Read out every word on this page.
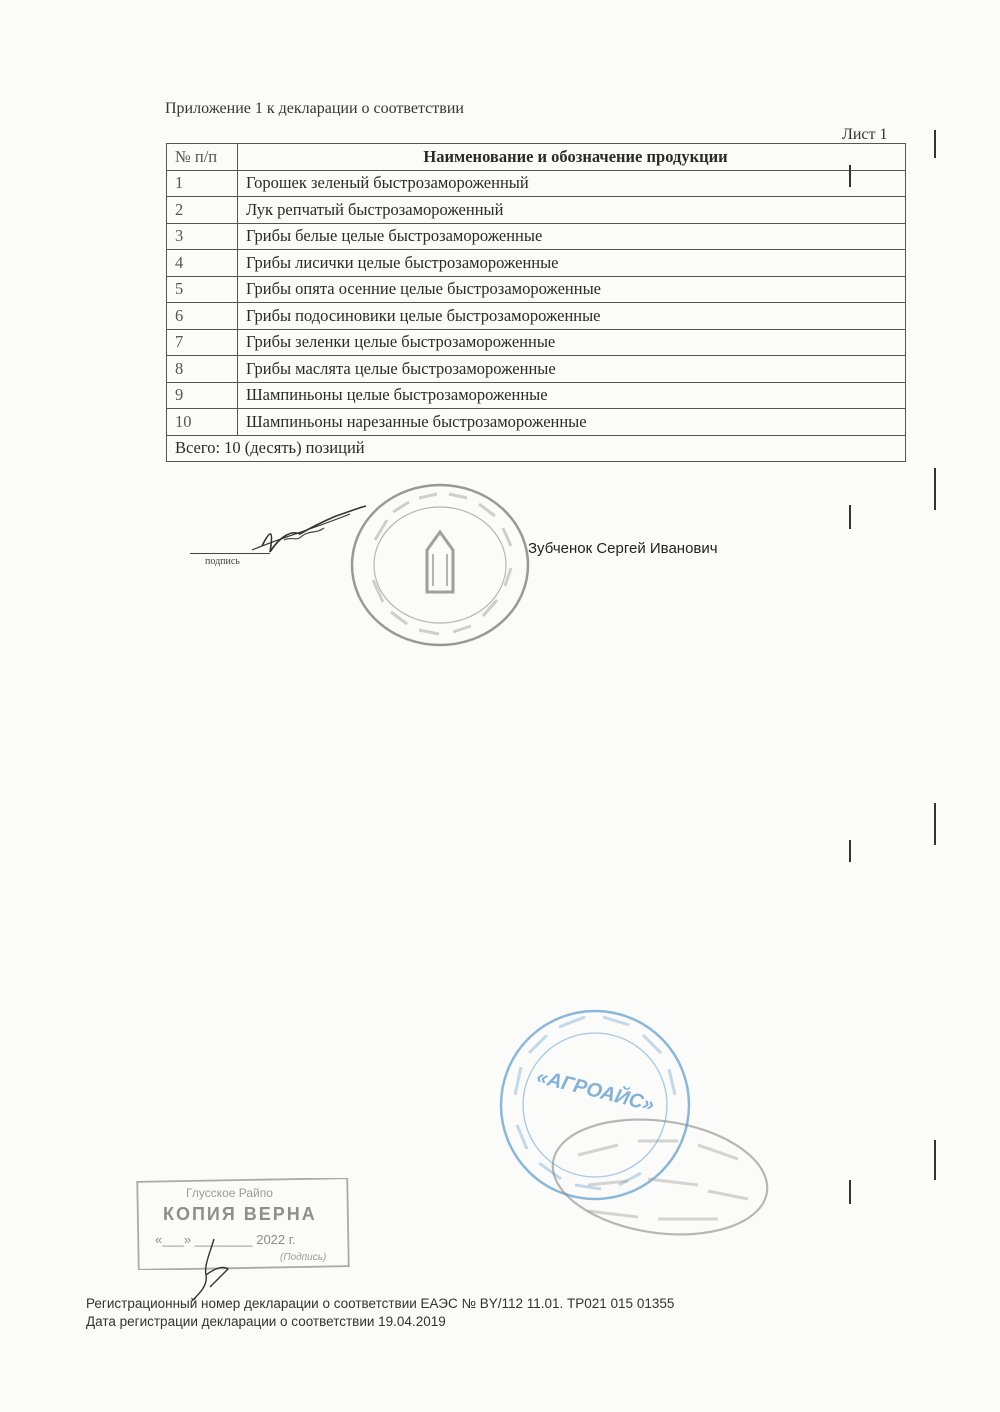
Приложение 1 к декларации о соответствии
Лист 1
№ п/п	Наименование и обозначение продукции
1	Горошек зеленый быстрозамороженный
2	Лук репчатый быстрозамороженный
3	Грибы белые целые быстрозамороженные
4	Грибы лисички целые быстрозамороженные
5	Грибы опята осенние целые быстрозамороженные
6	Грибы подосиновики целые быстрозамороженные
7	Грибы зеленки целые быстрозамороженные
8	Грибы маслята целые быстрозамороженные
9	Шампиньоны целые быстрозамороженные
10	Шампиньоны нарезанные быстрозамороженные
Всего: 10 (десять) позиций	
подпись
Зубченок Сергей Иванович
«АГРОАЙС»
Глусское Райпо
КОПИЯ ВЕРНА
«___» ________ 2022 г.
(Подпись)
Регистрационный номер декларации о соответствии ЕАЭС № BY/112 11.01. ТР021 015 01355
Дата регистрации декларации о соответствии 19.04.2019
